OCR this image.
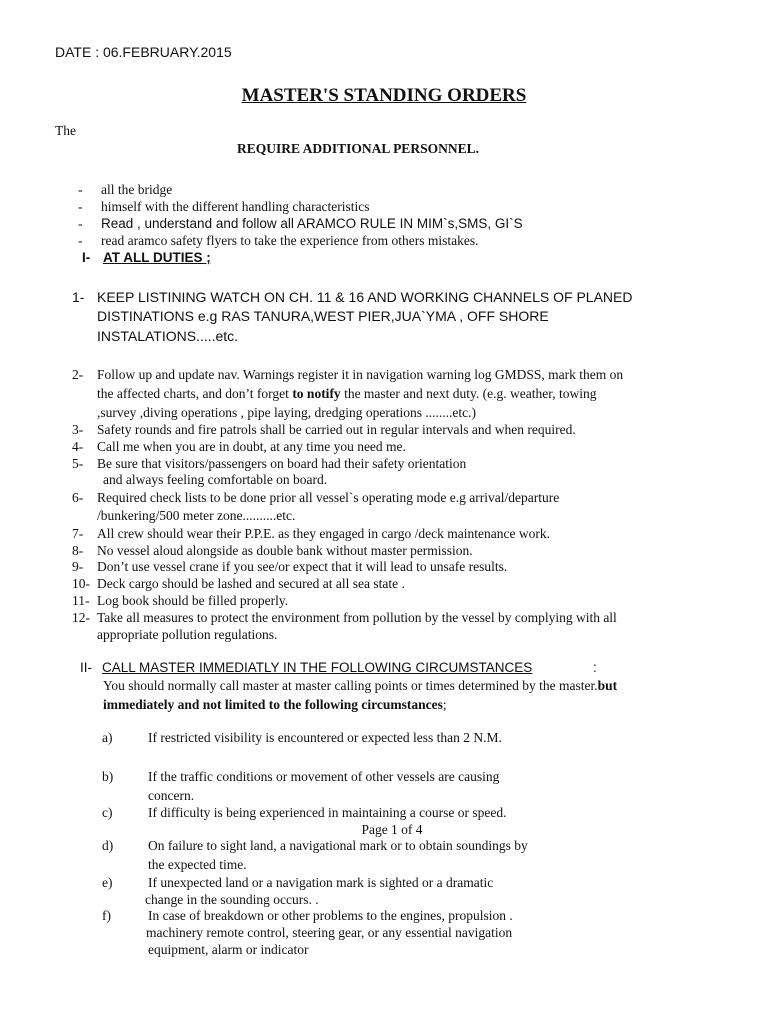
DATE : 06.FEBRUARY.2015
MASTER'S STANDING ORDERS
The
REQUIRE ADDITIONAL PERSONNEL.
- all the bridge
- himself with the different handling characteristics
- Read , understand and follow all ARAMCO RULE IN MIM`s,SMS, GI`S
- read aramco safety flyers to take the experience from others mistakes.
I- AT ALL DUTIES ;
1- KEEP LISTINING WATCH ON CH. 11 & 16 AND WORKING CHANNELS OF PLANED
DISTINATIONS e.g RAS TANURA,WEST PIER,JUA`YMA , OFF SHORE
INSTALATIONS.....etc.
2- Follow up and update nav. Warnings register it in navigation warning log GMDSS, mark them on
the affected charts, and don’t forget to notify the master and next duty. (e.g. weather, towing
,survey ,diving operations , pipe laying, dredging operations ........etc.)
3- Safety rounds and fire patrols shall be carried out in regular intervals and when required.
4- Call me when you are in doubt, at any time you need me.
5- Be sure that visitors/passengers on board had their safety orientation
and always feeling comfortable on board.
6- Required check lists to be done prior all vessel`s operating mode e.g arrival/departure
/bunkering/500 meter zone..........etc.
7- All crew should wear their P.P.E. as they engaged in cargo /deck maintenance work.
8- No vessel aloud alongside as double bank without master permission.
9- Don’t use vessel crane if you see/or expect that it will lead to unsafe results.
10- Deck cargo should be lashed and secured at all sea state .
11- Log book should be filled properly.
12- Take all measures to protect the environment from pollution by the vessel by complying with all
appropriate pollution regulations.
II- CALL MASTER IMMEDIATLY IN THE FOLLOWING CIRCUMSTANCES	:
You should normally call master at master calling points or times determined by the master.but
immediately and not limited to the following circumstances;
a)	If restricted visibility is encountered or expected less than 2 N.M.
b)	If the traffic conditions or movement of other vessels are causing
concern.
c)	If difficulty is being experienced in maintaining a course or speed.
Page 1 of 4
d)	On failure to sight land, a navigational mark or to obtain soundings by
the expected time.
e)	If unexpected land or a navigation mark is sighted or a dramatic
change in the sounding occurs. .
f)	In case of breakdown or other problems to the engines, propulsion .
machinery remote control, steering gear, or any essential navigation
equipment, alarm or indicator
